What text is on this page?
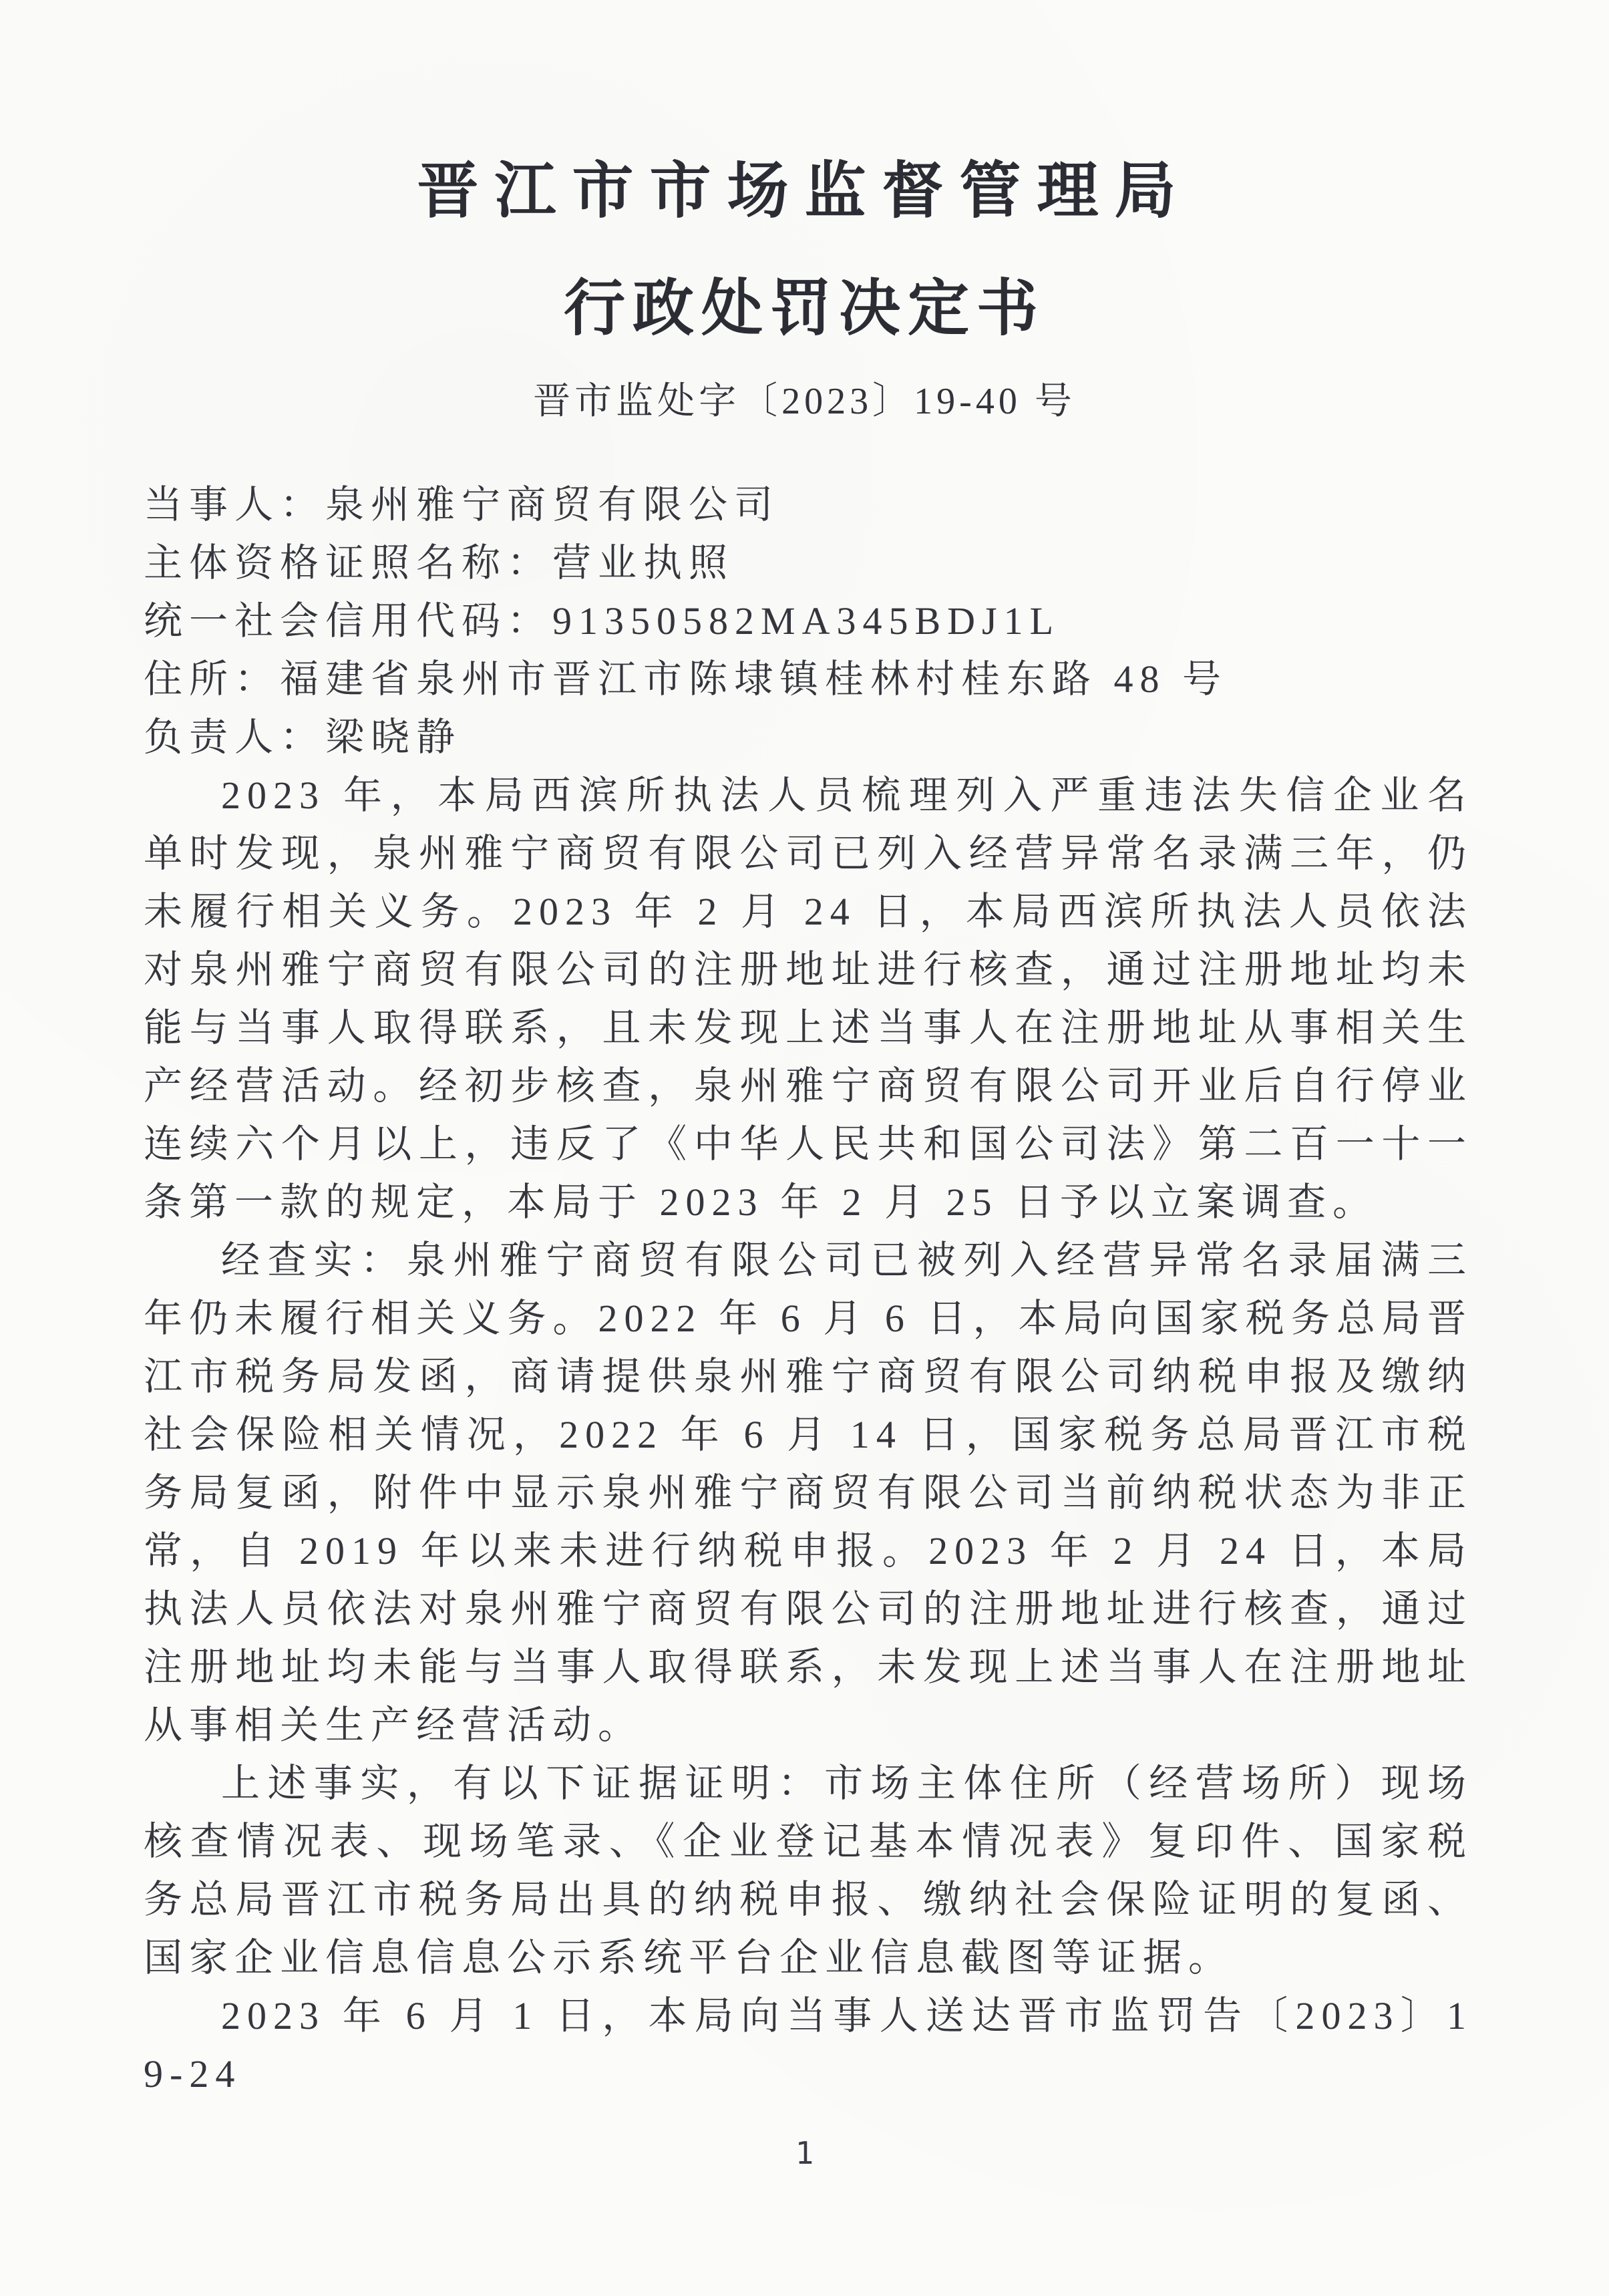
晋江市市场监督管理局
行政处罚决定书
晋市监处字〔2023〕19-40 号

当事人：泉州雅宁商贸有限公司

主体资格证照名称：营业执照

统一社会信用代码：91350582MA345BDJ1L

住所：福建省泉州市晋江市陈埭镇桂林村桂东路 48 号

负责人：梁晓静

2023 年，本局西滨所执法人员梳理列入严重违法失信企业名单时发现，泉州雅宁商贸有限公司已列入经营异常名录满三年，仍未履行相关义务。2023 年 2 月 24 日，本局西滨所执法人员依法对泉州雅宁商贸有限公司的注册地址进行核查，通过注册地址均未能与当事人取得联系，且未发现上述当事人在注册地址从事相关生产经营活动。经初步核查，泉州雅宁商贸有限公司开业后自行停业连续六个月以上，违反了《中华人民共和国公司法》第二百一十一条第一款的规定，本局于 2023 年 2 月 25 日予以立案调查。

经查实：泉州雅宁商贸有限公司已被列入经营异常名录届满三年仍未履行相关义务。2022 年 6 月 6 日，本局向国家税务总局晋江市税务局发函，商请提供泉州雅宁商贸有限公司纳税申报及缴纳社会保险相关情况，2022 年 6 月 14 日，国家税务总局晋江市税务局复函，附件中显示泉州雅宁商贸有限公司当前纳税状态为非正常，自 2019 年以来未进行纳税申报。2023 年 2 月 24 日，本局执法人员依法对泉州雅宁商贸有限公司的注册地址进行核查，通过注册地址均未能与当事人取得联系，未发现上述当事人在注册地址从事相关生产经营活动。

上述事实，有以下证据证明：市场主体住所（经营场所）现场核查情况表、现场笔录、《企业登记基本情况表》复印件、国家税务总局晋江市税务局出具的纳税申报、缴纳社会保险证明的复函、国家企业信息信息公示系统平台企业信息截图等证据。

2023 年 6 月 1 日，本局向当事人送达晋市监罚告〔2023〕19-24

1
